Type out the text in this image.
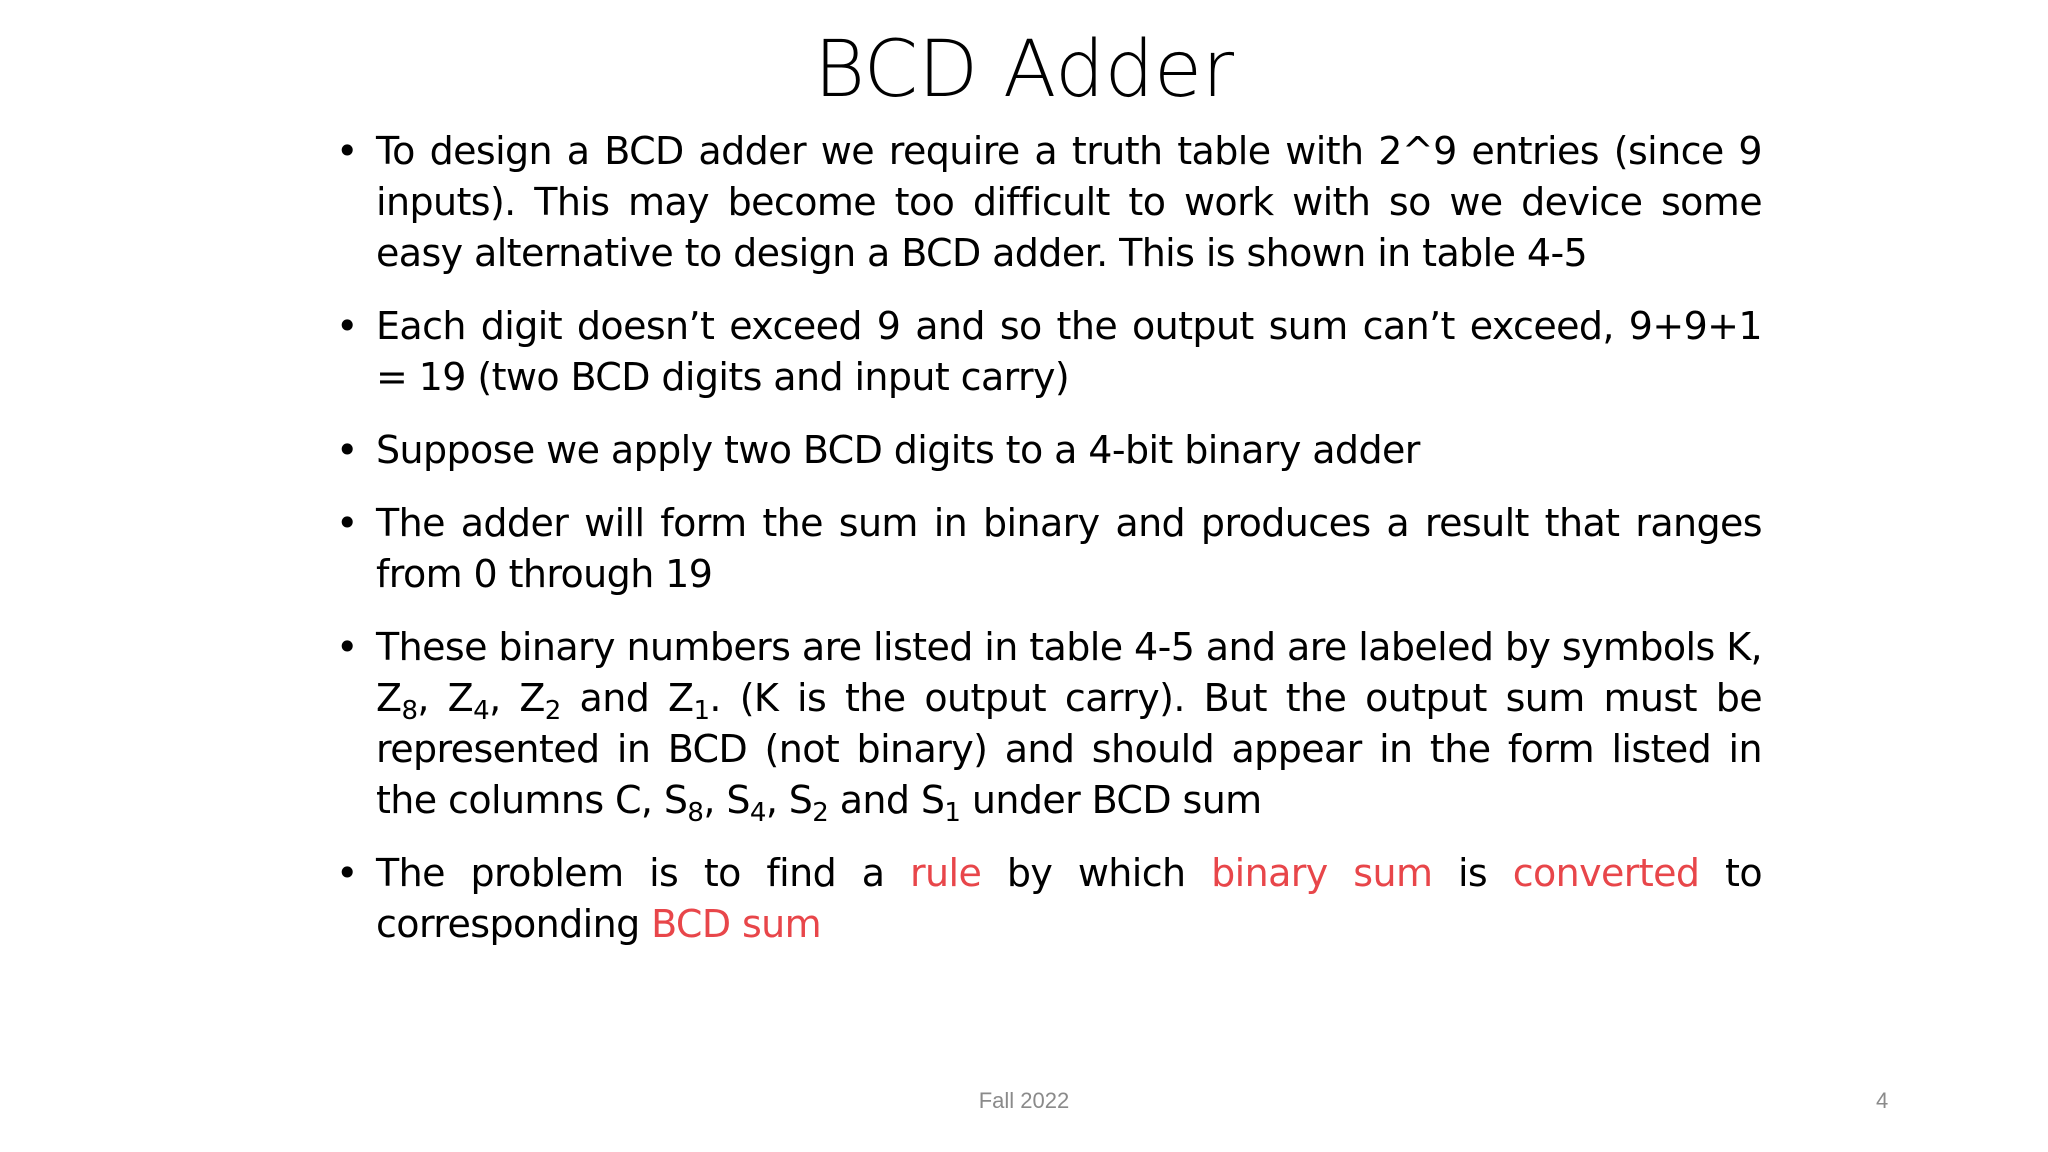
BCD Adder
• To design a BCD adder we require a truth table with 2^9 entries (since 9 inputs). This may become too difficult to work with so we device some easy alternative to design a BCD adder. This is shown in table 4-5
• Each digit doesn’t exceed 9 and so the output sum can’t exceed, 9+9+1 = 19 (two BCD digits and input carry)
• Suppose we apply two BCD digits to a 4-bit binary adder
• The adder will form the sum in binary and produces a result that ranges from 0 through 19
• These binary numbers are listed in table 4-5 and are labeled by symbols K, $Z_8$, $Z_4$, $Z_2$ and $Z_1$. (K is the output carry). But the output sum must be represented in BCD (not binary) and should appear in the form listed in the columns C, $S_8$, $S_4$, $S_2$ and $S_1$ under BCD sum
• The problem is to find a rule by which binary sum is converted to corresponding BCD sum
Fall 2022	4
